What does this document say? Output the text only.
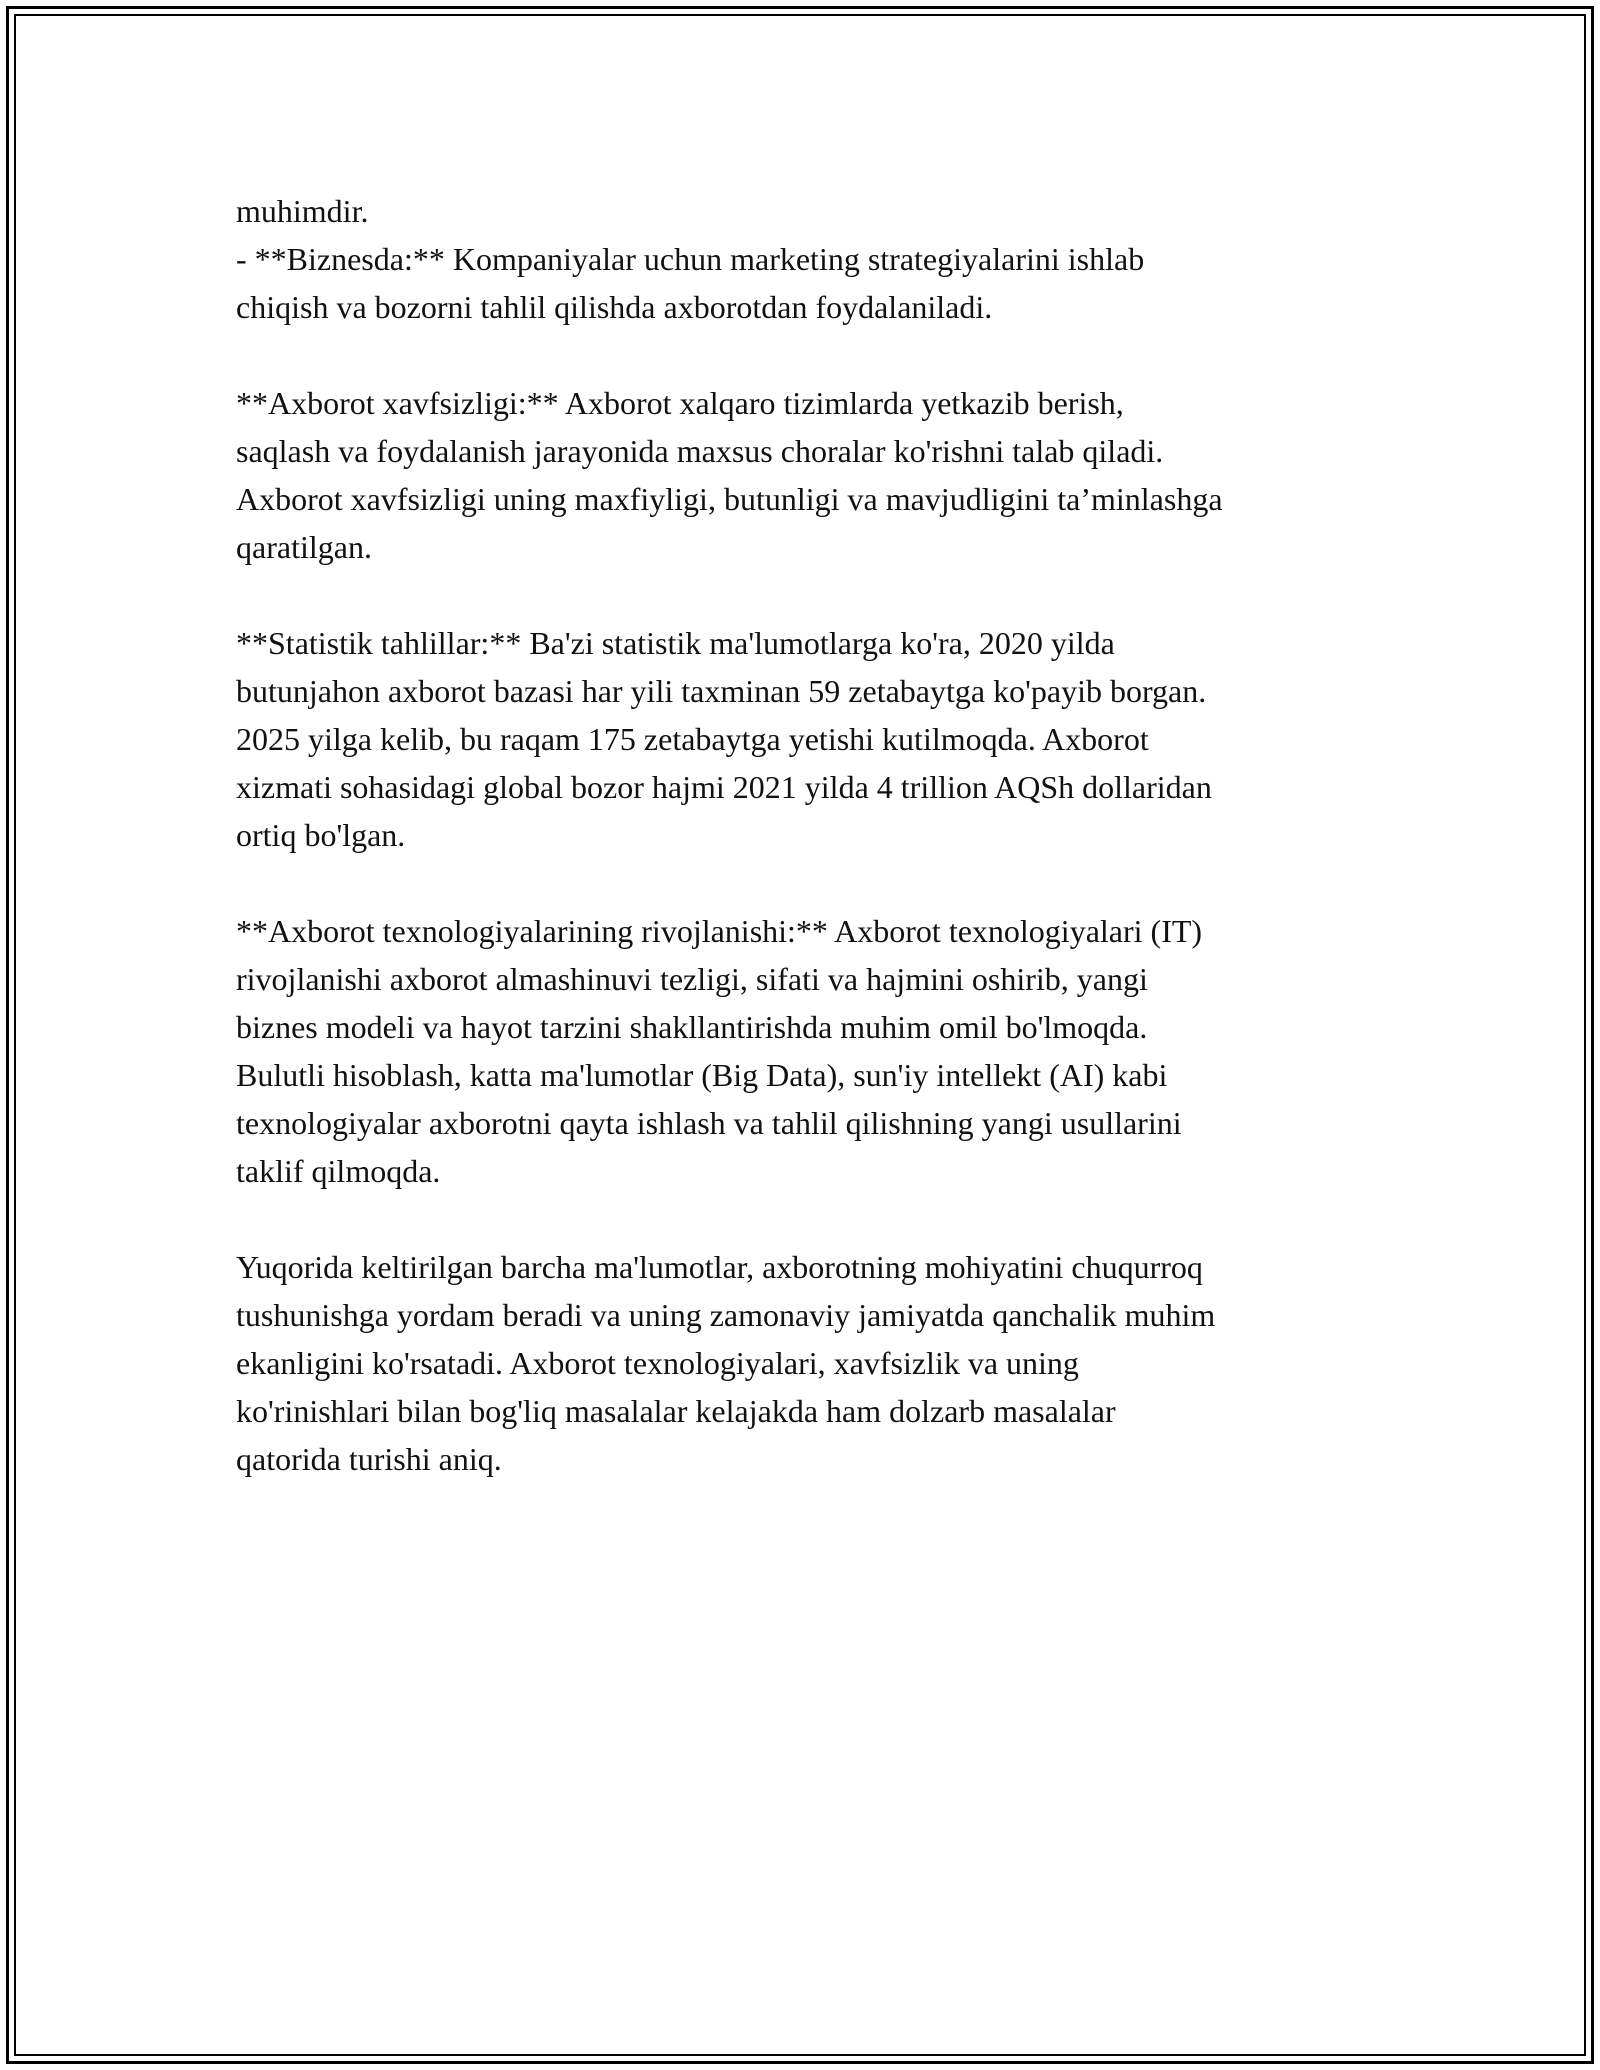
muhimdir.
- **Biznesda:** Kompaniyalar uchun marketing strategiyalarini ishlab
chiqish va bozorni tahlil qilishda axborotdan foydalaniladi.

**Axborot xavfsizligi:** Axborot xalqaro tizimlarda yetkazib berish,
saqlash va foydalanish jarayonida maxsus choralar ko'rishni talab qiladi.
Axborot xavfsizligi uning maxfiyligi, butunligi va mavjudligini ta’minlashga
qaratilgan.

**Statistik tahlillar:** Ba'zi statistik ma'lumotlarga ko'ra, 2020 yilda
butunjahon axborot bazasi har yili taxminan 59 zetabaytga ko'payib borgan.
2025 yilga kelib, bu raqam 175 zetabaytga yetishi kutilmoqda. Axborot
xizmati sohasidagi global bozor hajmi 2021 yilda 4 trillion AQSh dollaridan
ortiq bo'lgan.

**Axborot texnologiyalarining rivojlanishi:** Axborot texnologiyalari (IT)
rivojlanishi axborot almashinuvi tezligi, sifati va hajmini oshirib, yangi
biznes modeli va hayot tarzini shakllantirishda muhim omil bo'lmoqda.
Bulutli hisoblash, katta ma'lumotlar (Big Data), sun'iy intellekt (AI) kabi
texnologiyalar axborotni qayta ishlash va tahlil qilishning yangi usullarini
taklif qilmoqda.

Yuqorida keltirilgan barcha ma'lumotlar, axborotning mohiyatini chuqurroq
tushunishga yordam beradi va uning zamonaviy jamiyatda qanchalik muhim
ekanligini ko'rsatadi. Axborot texnologiyalari, xavfsizlik va uning
ko'rinishlari bilan bog'liq masalalar kelajakda ham dolzarb masalalar
qatorida turishi aniq.
